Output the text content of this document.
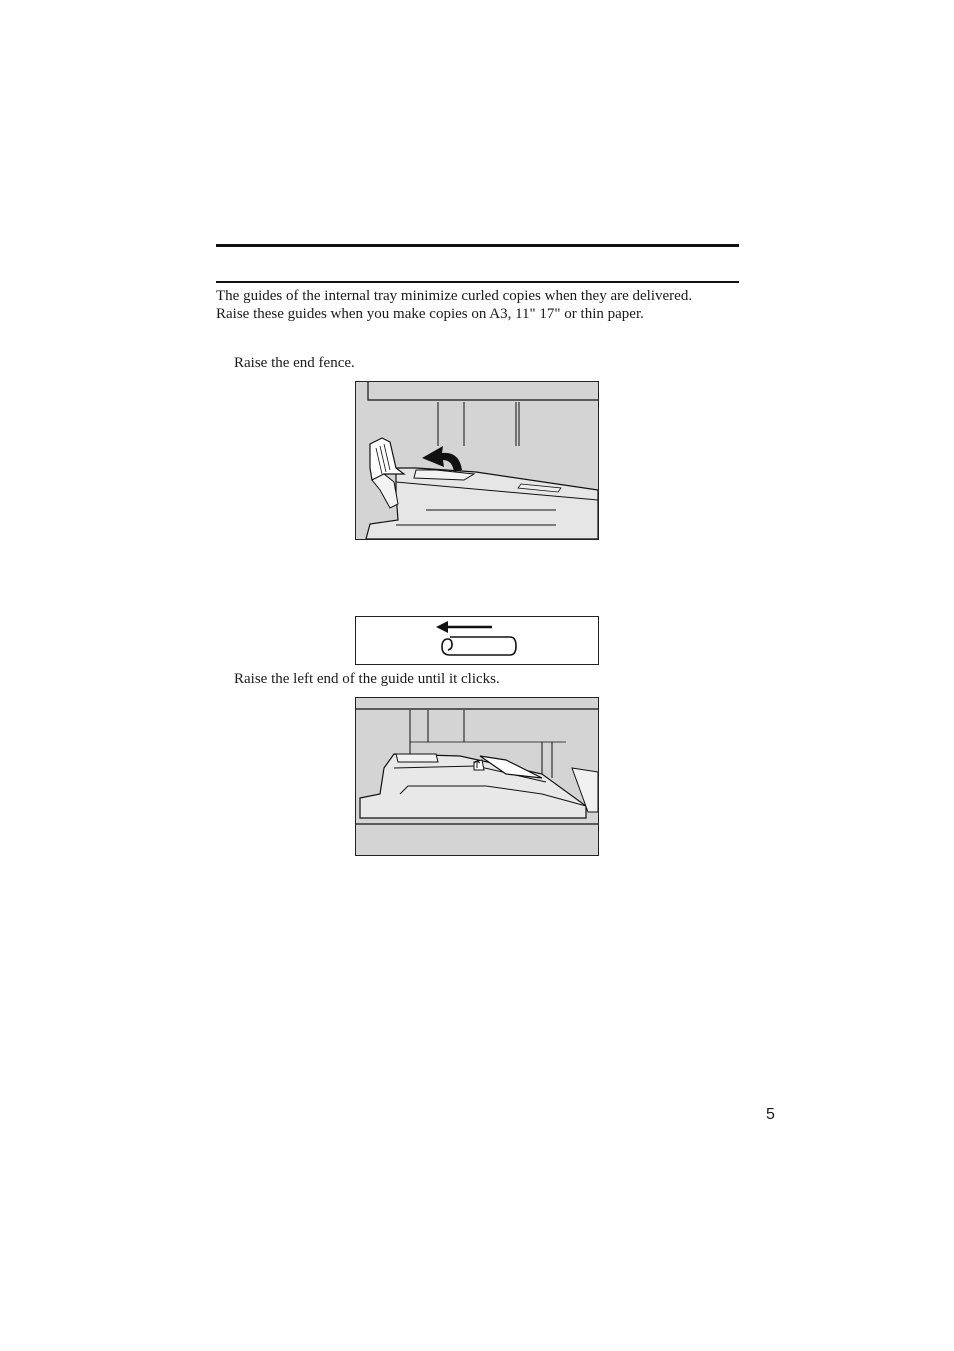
The guides of the internal tray minimize curled copies when they are delivered.
Raise these guides when you make copies on A3, 11" 17" or thin paper.

Raise the end fence.

Raise the left end of the guide until it clicks.

5
